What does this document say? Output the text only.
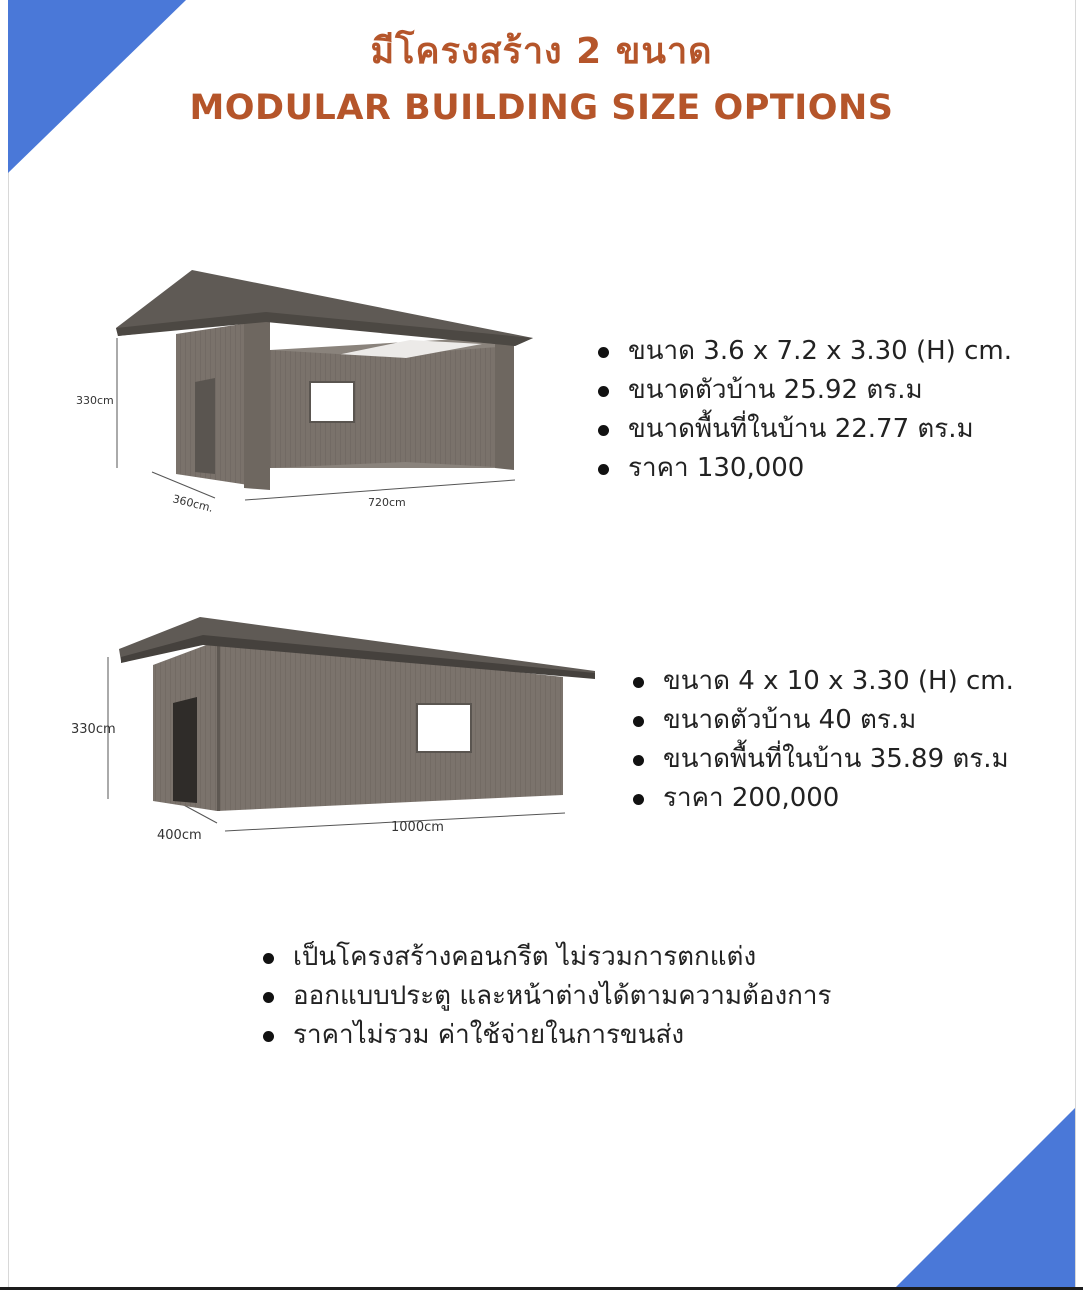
มีโครงสร้าง 2 ขนาด
MODULAR BUILDING SIZE OPTIONS
330cm
360cm.	720cm
ขนาด 3.6 x 7.2 x 3.30 (H) cm.
ขนาดตัวบ้าน 25.92 ตร.ม
ขนาดพื้นที่ในบ้าน 22.77 ตร.ม
ราคา 130,000
330cm
400cm
1000cm
ขนาด 4 x 10 x 3.30 (H) cm.
ขนาดตัวบ้าน 40 ตร.ม
ขนาดพื้นที่ในบ้าน 35.89 ตร.ม
ราคา 200,000
เป็นโครงสร้างคอนกรีต ไม่รวมการตกแต่ง
ออกแบบประตู และหน้าต่างได้ตามความต้องการ
ราคาไม่รวม ค่าใช้จ่ายในการขนส่ง
